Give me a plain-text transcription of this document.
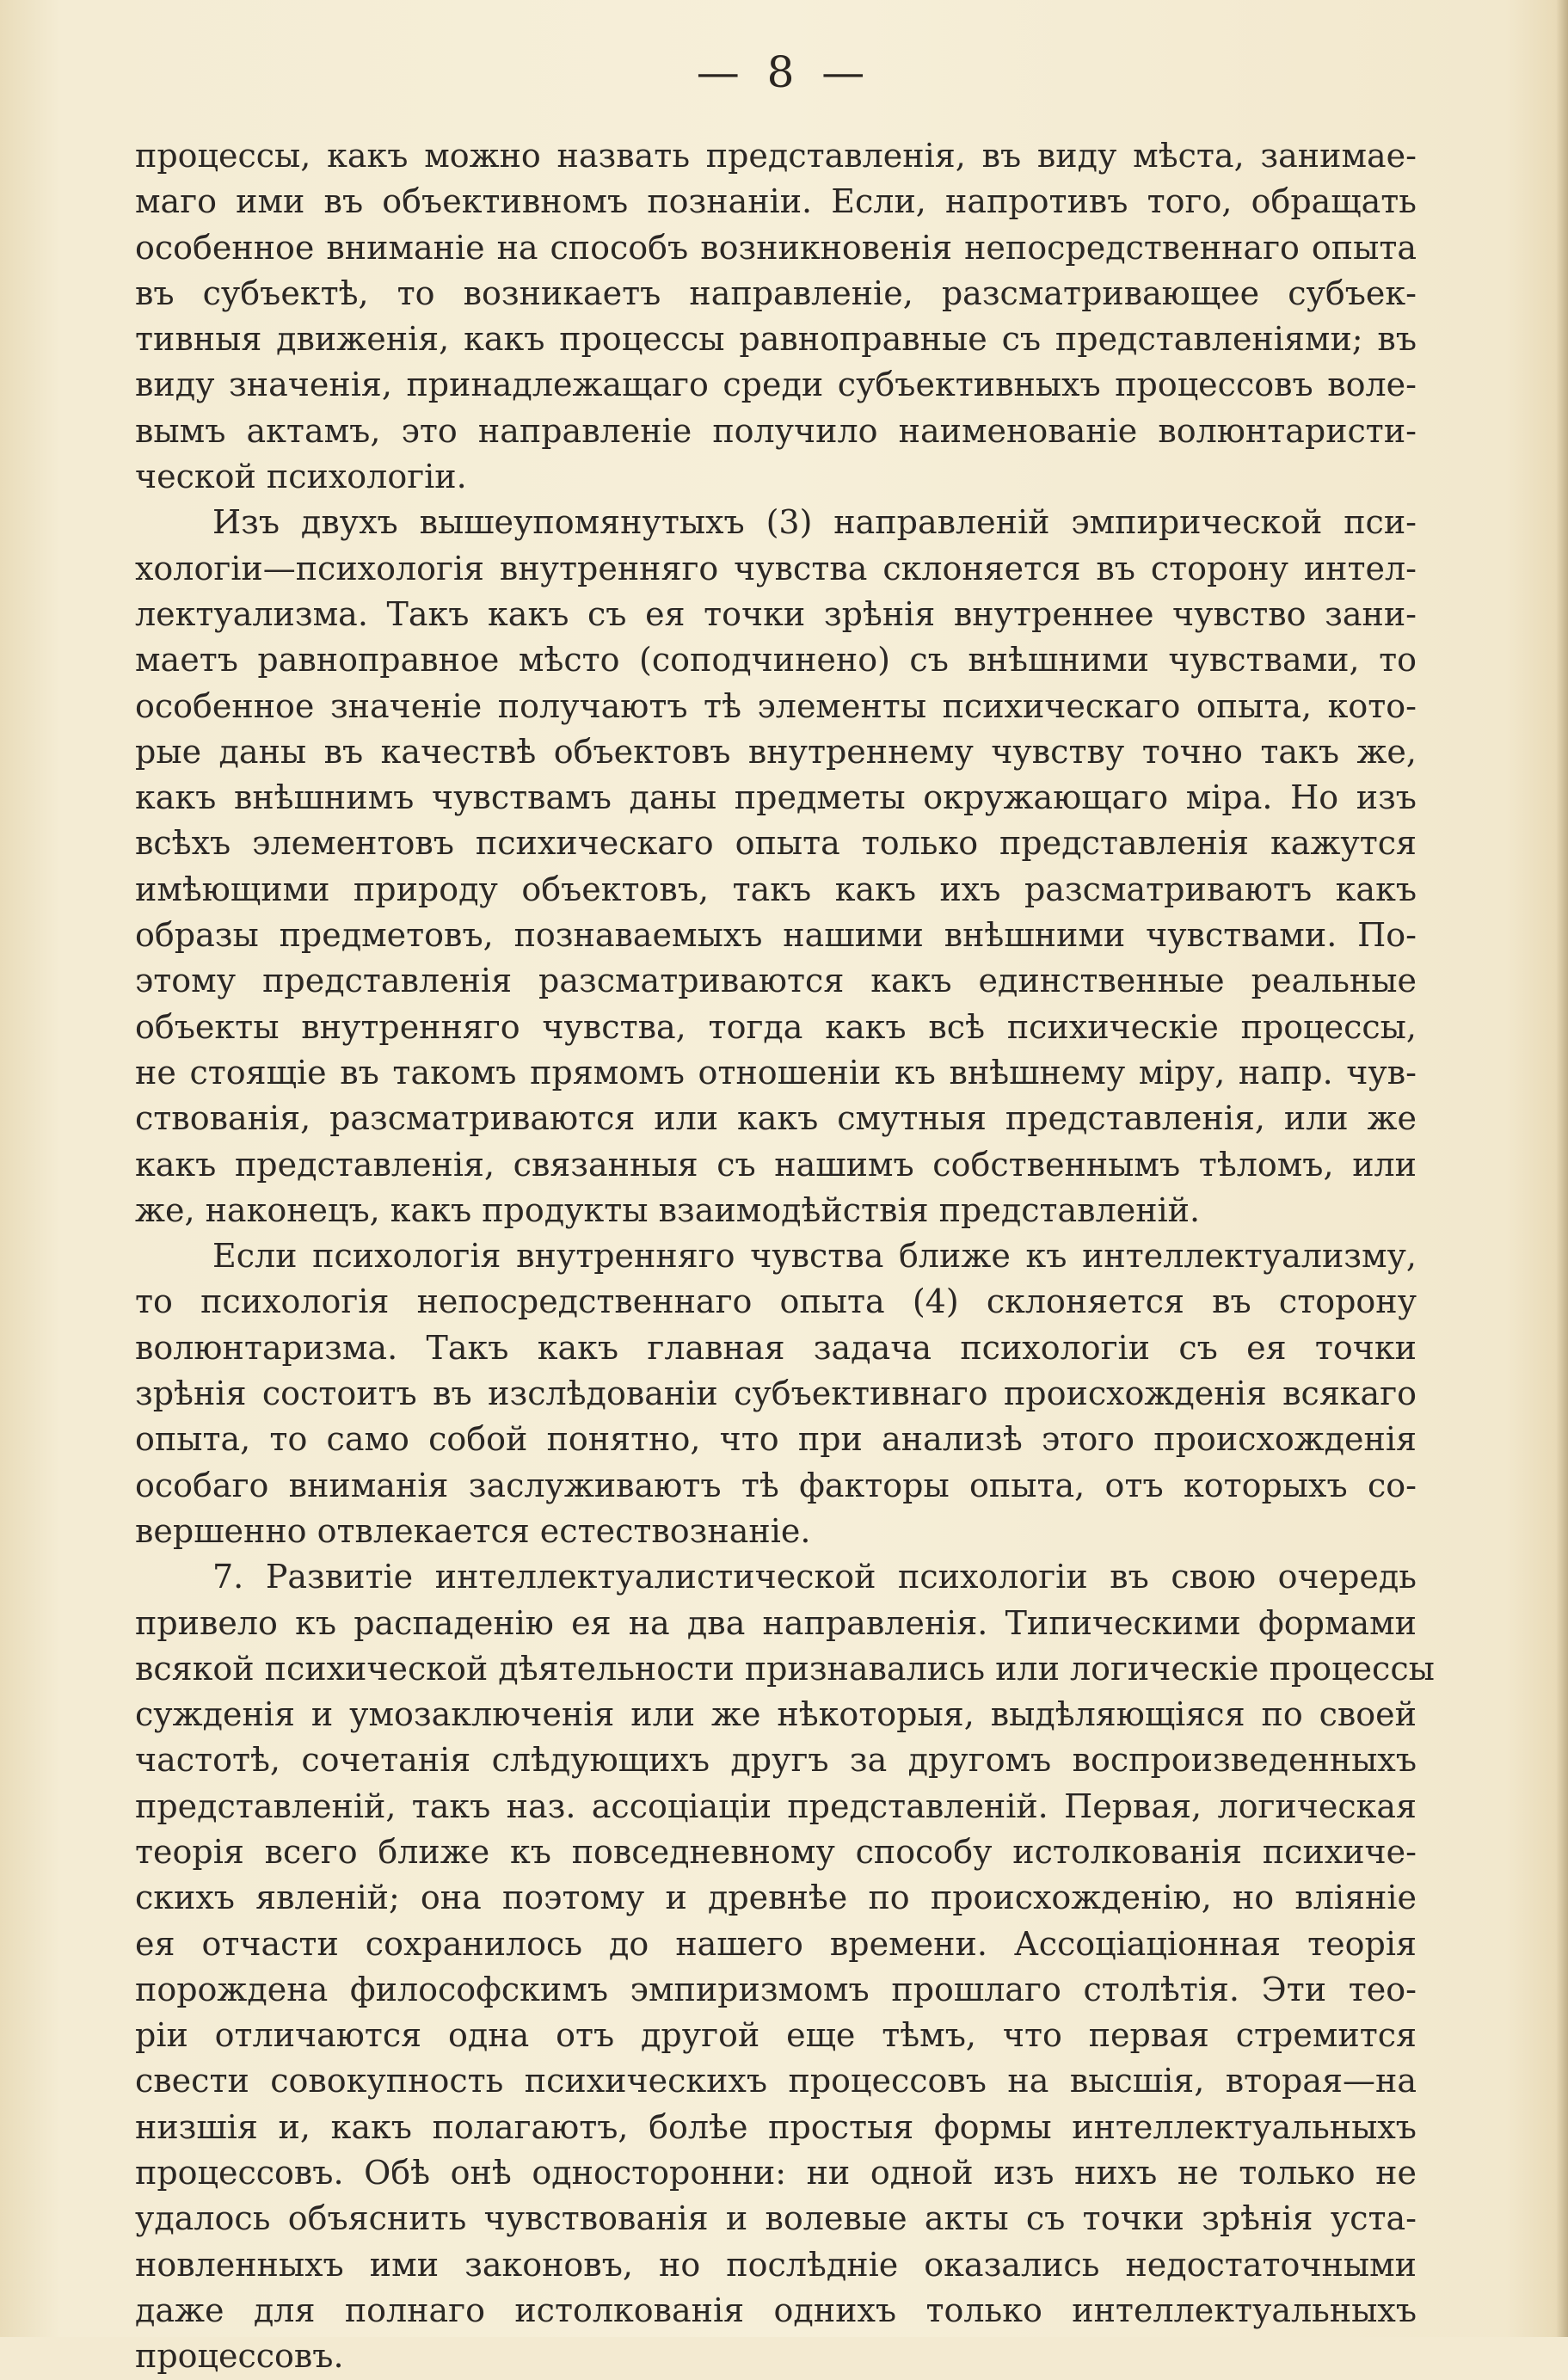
— 8 —
процессы, какъ можно назвать представленія, въ виду мѣста, занимае-
маго ими въ объективномъ познаніи. Если, напротивъ того, обращать
особенное вниманіе на способъ возникновенія непосредственнаго опыта
въ субъектѣ, то возникаетъ направленіе, разсматривающее субъек-
тивныя движенія, какъ процессы равноправные съ представленіями; въ
виду значенія, принадлежащаго среди субъективныхъ процессовъ воле-
вымъ актамъ, это направленіе получило наименованіе волюнтаристи-
ческой психологіи.
Изъ двухъ вышеупомянутыхъ (3) направленій эмпирической пси-
хологіи—психологія внутренняго чувства склоняется въ сторону интел-
лектуализма. Такъ какъ съ ея точки зрѣнія внутреннее чувство зани-
маетъ равноправное мѣсто (соподчинено) съ внѣшними чувствами, то
особенное значеніе получаютъ тѣ элементы психическаго опыта, кото-
рые даны въ качествѣ объектовъ внутреннему чувству точно такъ же,
какъ внѣшнимъ чувствамъ даны предметы окружающаго міра. Но изъ
всѣхъ элементовъ психическаго опыта только представленія кажутся
имѣющими природу объектовъ, такъ какъ ихъ разсматриваютъ какъ
образы предметовъ, познаваемыхъ нашими внѣшними чувствами. По-
этому представленія разсматриваются какъ единственные реальные
объекты внутренняго чувства, тогда какъ всѣ психическіе процессы,
не стоящіе въ такомъ прямомъ отношеніи къ внѣшнему міру, напр. чув-
ствованія, разсматриваются или какъ смутныя представленія, или же
какъ представленія, связанныя съ нашимъ собственнымъ тѣломъ, или
же, наконецъ, какъ продукты взаимодѣйствія представленій.
Если психологія внутренняго чувства ближе къ интеллектуализму,
то психологія непосредственнаго опыта (4) склоняется въ сторону
волюнтаризма. Такъ какъ главная задача психологіи съ ея точки
зрѣнія состоитъ въ изслѣдованіи субъективнаго происхожденія всякаго
опыта, то само собой понятно, что при анализѣ этого происхожденія
особаго вниманія заслуживаютъ тѣ факторы опыта, отъ которыхъ со-
вершенно отвлекается естествознаніе.
7. Развитіе интеллектуалистической психологіи въ свою очередь
привело къ распаденію ея на два направленія. Типическими формами
всякой психической дѣятельности признавались или логическіе процессы
сужденія и умозаключенія или же нѣкоторыя, выдѣляющіяся по своей
частотѣ, сочетанія слѣдующихъ другъ за другомъ воспроизведенныхъ
представленій, такъ наз. ассоціаціи представленій. Первая, логическая
теорія всего ближе къ повседневному способу истолкованія психиче-
скихъ явленій; она поэтому и древнѣе по происхожденію, но вліяніе
ея отчасти сохранилось до нашего времени. Ассоціаціонная теорія
порождена философскимъ эмпиризмомъ прошлаго столѣтія. Эти тео-
ріи отличаются одна отъ другой еще тѣмъ, что первая стремится
свести совокупность психическихъ процессовъ на высшія, вторая—на
низшія и, какъ полагаютъ, болѣе простыя формы интеллектуальныхъ
процессовъ. Обѣ онѣ односторонни: ни одной изъ нихъ не только не
удалось объяснить чувствованія и волевые акты съ точки зрѣнія уста-
новленныхъ ими законовъ, но послѣдніе оказались недостаточными
даже для полнаго истолкованія однихъ только интеллектуальныхъ
процессовъ.
